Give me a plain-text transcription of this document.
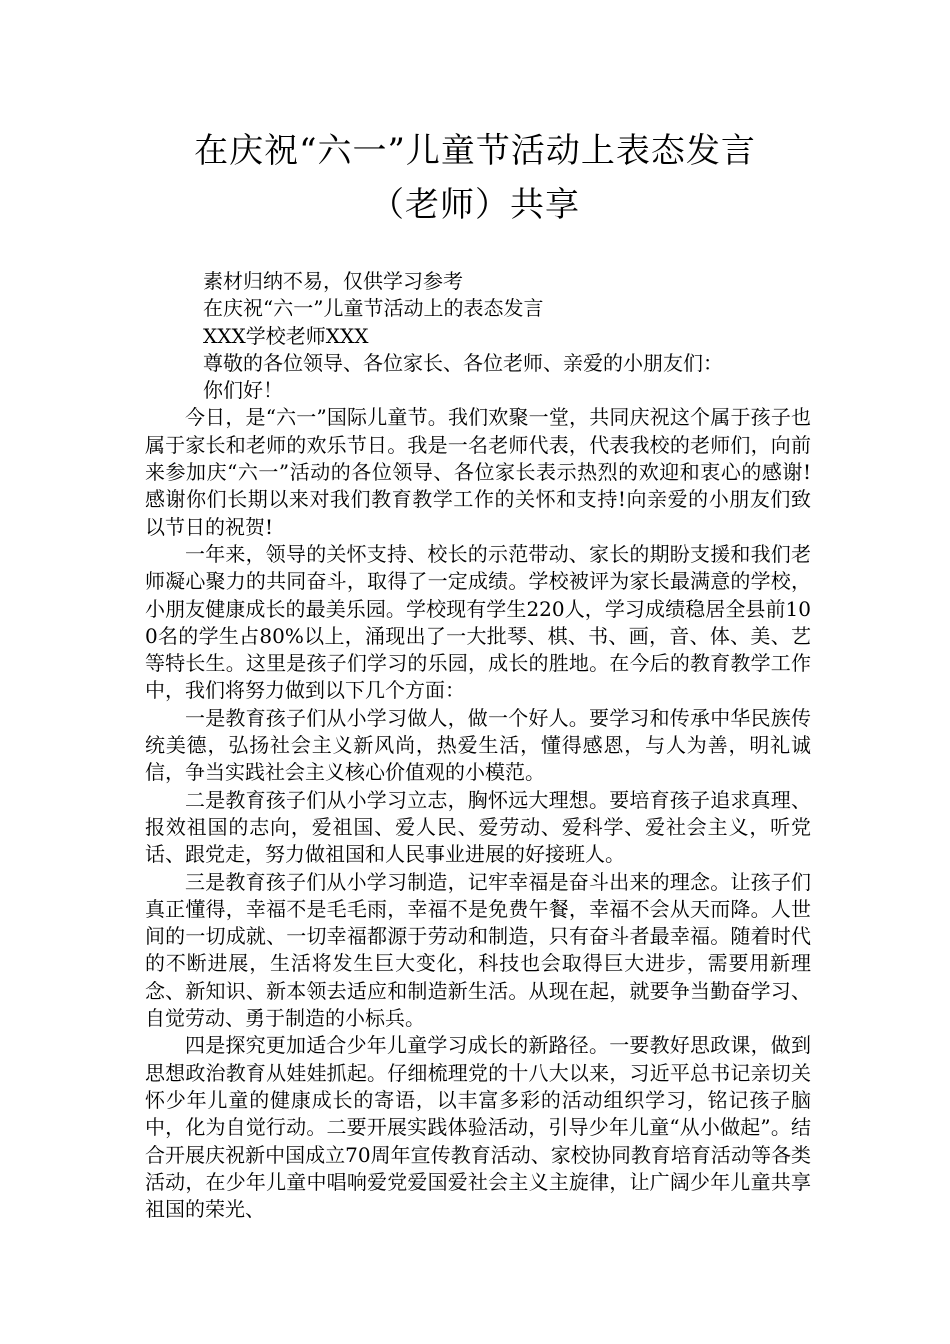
在庆祝“六一”儿童节活动上表态发言
（老师）共享

素材归纳不易，仅供学习参考

在庆祝“六一”儿童节活动上的表态发言

XXX学校老师XXX

尊敬的各位领导、各位家长、各位老师、亲爱的小朋友们：

你们好！

今日，是“六一”国际儿童节。我们欢聚一堂，共同庆祝这个属于孩子也属于家长和老师的欢乐节日。我是一名老师代表，代表我校的老师们，向前来参加庆“六一”活动的各位领导、各位家长表示热烈的欢迎和衷心的感谢!感谢你们长期以来对我们教育教学工作的关怀和支持!向亲爱的小朋友们致以节日的祝贺!

一年来，领导的关怀支持、校长的示范带动、家长的期盼支援和我们老师凝心聚力的共同奋斗，取得了一定成绩。学校被评为家长最满意的学校，小朋友健康成长的最美乐园。学校现有学生220人，学习成绩稳居全县前100名的学生占80%以上，涌现出了一大批琴、棋、书、画，音、体、美、艺等特长生。这里是孩子们学习的乐园，成长的胜地。在今后的教育教学工作中，我们将努力做到以下几个方面：

一是教育孩子们从小学习做人，做一个好人。要学习和传承中华民族传统美德，弘扬社会主义新风尚，热爱生活，懂得感恩，与人为善，明礼诚信，争当实践社会主义核心价值观的小模范。

二是教育孩子们从小学习立志，胸怀远大理想。要培育孩子追求真理、报效祖国的志向，爱祖国、爱人民、爱劳动、爱科学、爱社会主义，听党话、跟党走，努力做祖国和人民事业进展的好接班人。

三是教育孩子们从小学习制造，记牢幸福是奋斗出来的理念。让孩子们真正懂得，幸福不是毛毛雨，幸福不是免费午餐，幸福不会从天而降。人世间的一切成就、一切幸福都源于劳动和制造，只有奋斗者最幸福。随着时代的不断进展，生活将发生巨大变化，科技也会取得巨大进步，需要用新理念、新知识、新本领去适应和制造新生活。从现在起，就要争当勤奋学习、自觉劳动、勇于制造的小标兵。

四是探究更加适合少年儿童学习成长的新路径。一要教好思政课，做到思想政治教育从娃娃抓起。仔细梳理党的十八大以来，习近平总书记亲切关怀少年儿童的健康成长的寄语，以丰富多彩的活动组织学习，铭记孩子脑中，化为自觉行动。二要开展实践体验活动，引导少年儿童“从小做起”。结合开展庆祝新中国成立70周年宣传教育活动、家校协同教育培育活动等各类活动，在少年儿童中唱响爱党爱国爱社会主义主旋律，让广阔少年儿童共享祖国的荣光、
